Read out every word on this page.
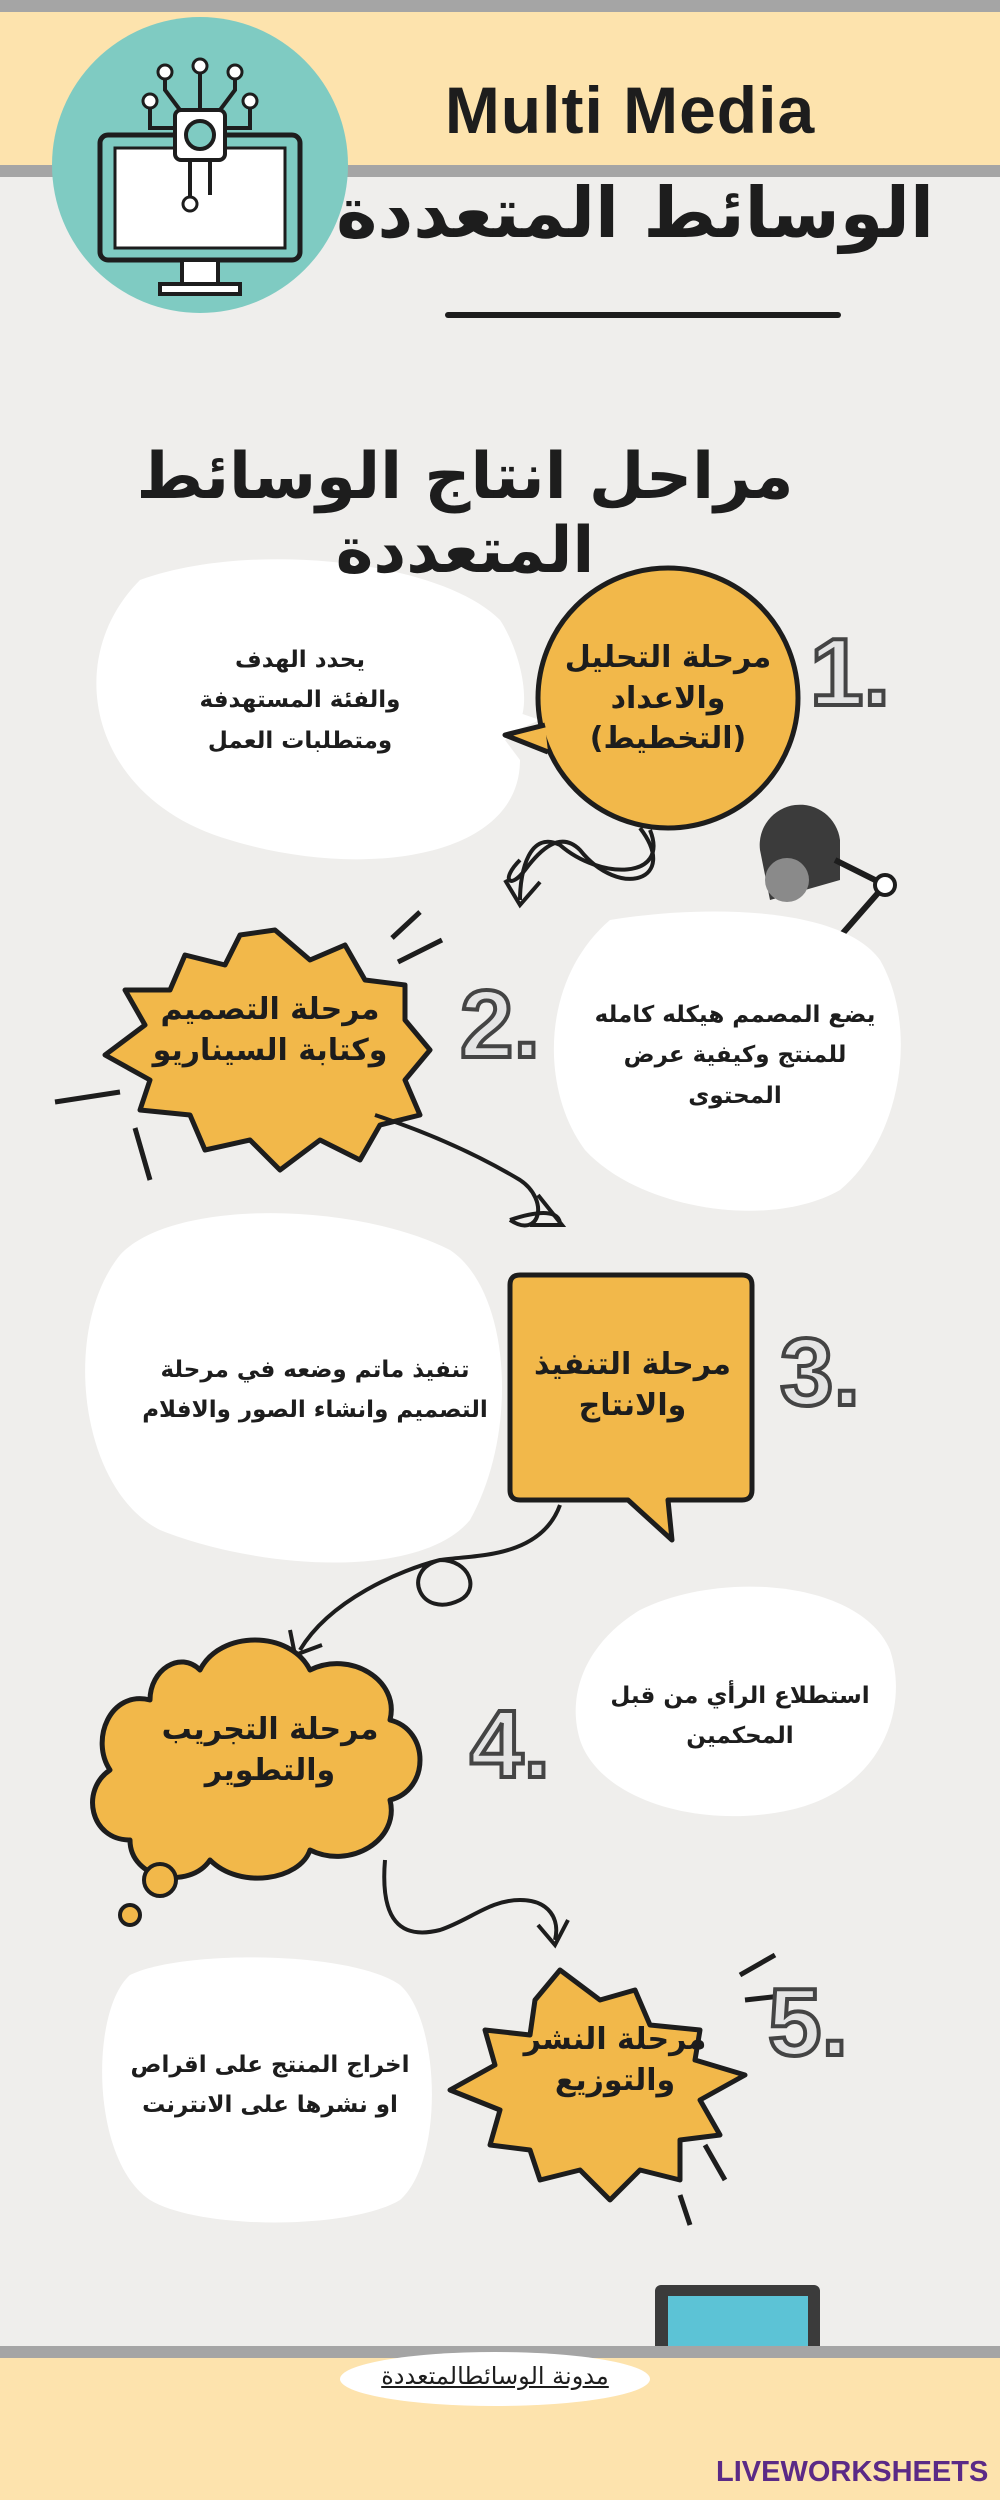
Multi Media
الوسائط المتعددة
مراحل انتاج الوسائط المتعددة
مرحلة التحليل
والاعداد
(التخطيط)
1.
يحدد الهدف
والفئة المستهدفة
ومتطلبات العمل
مرحلة التصميم
وكتابة السيناريو 2.	يضع المصمم هيكله كامله
للمنتج وكيفية عرض
المحتوى
مرحلة التنفيذ
والانتاج 3.
تنفيذ ماتم وضعه في مرحلة
التصميم وانشاء الصور والافلام
مرحلة التجريب
والتطوير	4.	استطلاع الرأي من قبل
المحكمين
مرحلة النشر
والتوزيع
5.
اخراج المنتج على اقراص
او نشرها على الانترنت
مدونة الوسائطالمتعددة
LIVEWORKSHEETS
